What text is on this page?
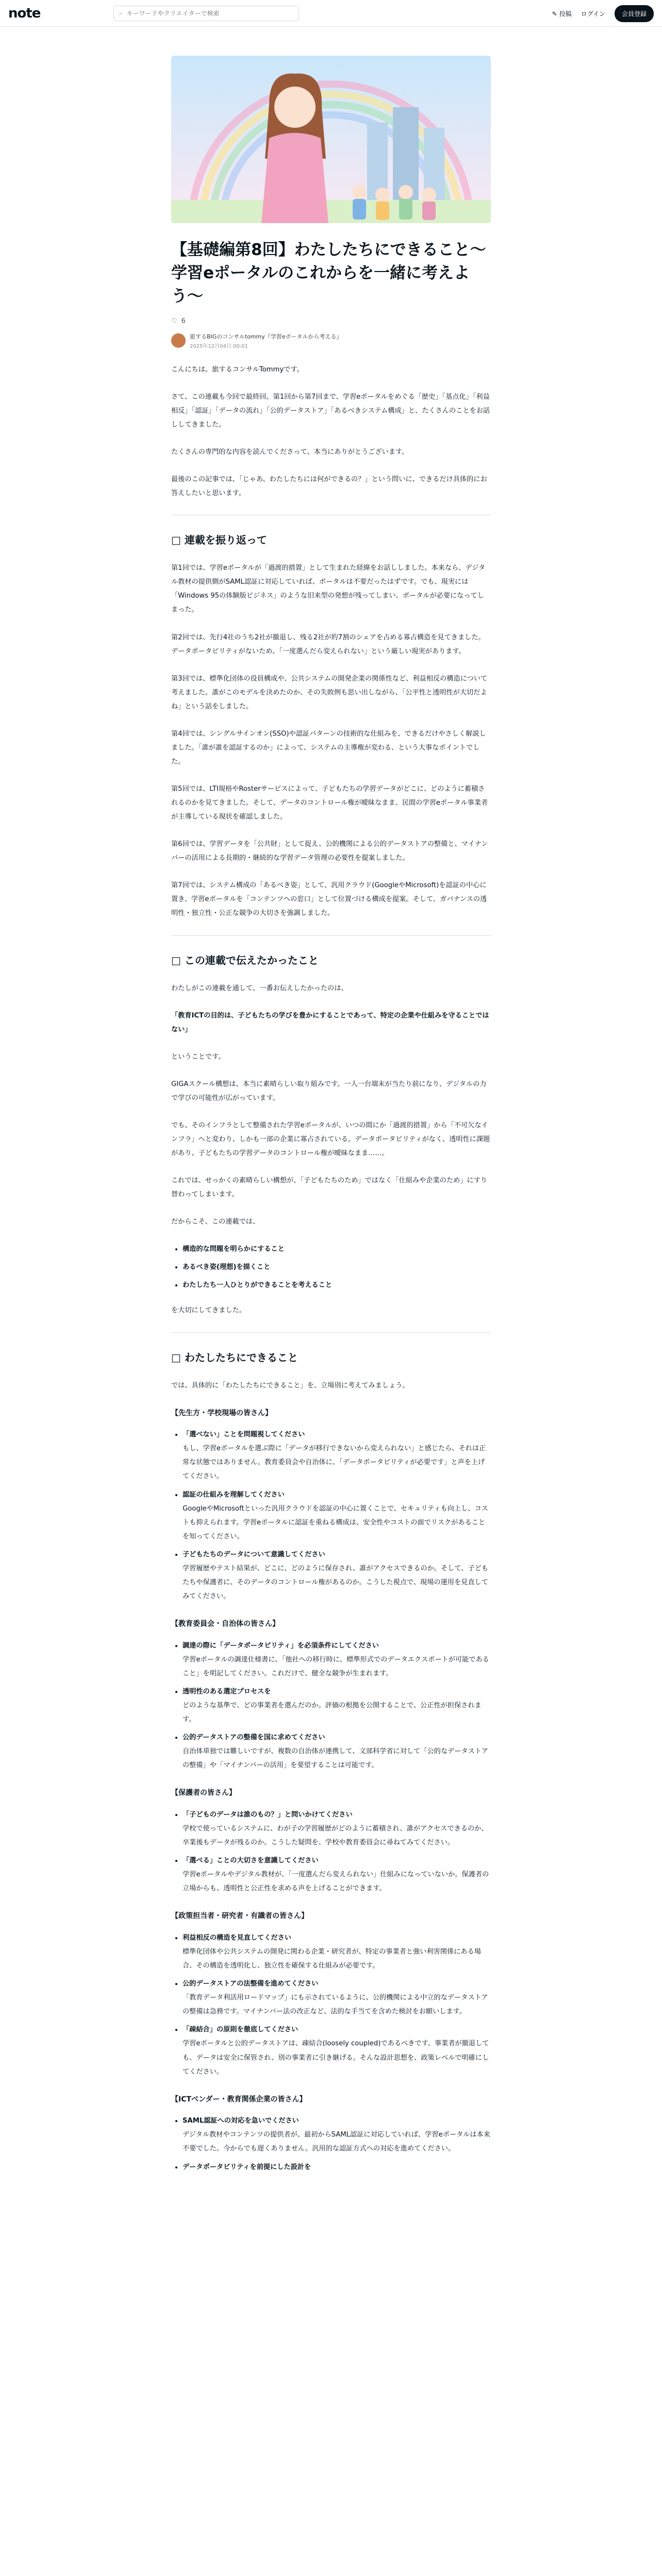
note	⌕
キーワードやクリエイターで検索	✎ 投稿 ログイン	会員登録
【基礎編第8回】わたしたちにできること〜学習eポータルのこれからを一緒に考えよう〜
♡ 6
旅するBIGのコンサルtommy『学習eポータルから考える』
2025年12月04日 00:01

こんにちは。旅するコンサルTommyです。

さて、この連載も今回で最終回。第1回から第7回まで、学習eポータルをめぐる「歴史」「基点化」「利益相反」「認証」「データの流れ」「公的データストア」「あるべきシステム構成」と、たくさんのことをお話ししてきました。

たくさんの専門的な内容を読んでくださって、本当にありがとうございます。

最後のこの記事では、「じゃあ、わたしたちには何ができるの？」という問いに、できるだけ具体的にお答えしたいと思います。

□ 連載を振り返って

第1回では、学習eポータルが「過渡的措置」として生まれた経緯をお話ししました。本来なら、デジタル教材の提供側がSAML認証に対応していれば、ポータルは不要だったはずです。でも、現実には「Windows 95の体験版ビジネス」のような旧来型の発想が残ってしまい、ポータルが必要になってしまった。

第2回では、先行4社のうち2社が撤退し、残る2社が約7割のシェアを占める寡占構造を見てきました。データポータビリティがないため、「一度選んだら変えられない」という厳しい現実があります。

第3回では、標準化団体の役員構成や、公共システムの開発企業の関係性など、利益相反の構造について考えました。誰がこのモデルを決めたのか、その失敗例も思い出しながら、「公平性と透明性が大切だよね」という話をしました。

第4回では、シングルサインオン(SSO)や認証パターンの技術的な仕組みを、できるだけやさしく解説しました。「誰が誰を認証するのか」によって、システムの主導権が変わる、という大事なポイントでした。

第5回では、LTI規格やRosterサービスによって、子どもたちの学習データがどこに、どのように蓄積されるのかを見てきました。そして、データのコントロール権が曖昧なまま、民間の学習eポータル事業者が主導している現状を確認しました。

第6回では、学習データを「公共財」として捉え、公的機関による公的データストアの整備と、マイナンバーの活用による長期的・継続的な学習データ管理の必要性を提案しました。

第7回では、システム構成の「あるべき姿」として、汎用クラウド(GoogleやMicrosoft)を認証の中心に置き、学習eポータルを「コンテンツへの窓口」として位置づける構成を提案。そして、ガバナンスの透明性・独立性・公正な競争の大切さを強調しました。

□ この連載で伝えたかったこと

わたしがこの連載を通して、一番お伝えしたかったのは、

「教育ICTの目的は、子どもたちの学びを豊かにすることであって、特定の企業や仕組みを守ることではない」

ということです。

GIGAスクール構想は、本当に素晴らしい取り組みです。一人一台端末が当たり前になり、デジタルの力で学びの可能性が広がっています。

でも、そのインフラとして整備された学習eポータルが、いつの間にか「過渡的措置」から「不可欠なインフラ」へと変わり、しかも一部の企業に寡占されている。データポータビリティがなく、透明性に課題があり、子どもたちの学習データのコントロール権が曖昧なまま……。

これでは、せっかくの素晴らしい構想が、「子どもたちのため」ではなく「仕組みや企業のため」にすり替わってしまいます。

だからこそ、この連載では、

• 構造的な問題を明らかにすること
• あるべき姿(理想)を描くこと
• わたしたち一人ひとりができることを考えること

を大切にしてきました。

□ わたしたちにできること

では、具体的に「わたしたちにできること」を、立場別に考えてみましょう。

【先生方・学校現場の皆さん】
• 「選べない」ことを問題視してください
もし、学習eポータルを選ぶ際に「データが移行できないから変えられない」と感じたら、それは正常な状態ではありません。教育委員会や自治体に、「データポータビリティが必要です」と声を上げてください。
• 認証の仕組みを理解してください
GoogleやMicrosoftといった汎用クラウドを認証の中心に置くことで、セキュリティも向上し、コストも抑えられます。学習eポータルに認証を重ねる構成は、安全性やコストの面でリスクがあることを知ってください。
• 子どもたちのデータについて意識してください
学習履歴やテスト結果が、どこに、どのように保存され、誰がアクセスできるのか。そして、子どもたちや保護者に、そのデータのコントロール権があるのか。こうした視点で、現場の運用を見直してみてください。
【教育委員会・自治体の皆さん】
• 調達の際に「データポータビリティ」を必須条件にしてください
学習eポータルの調達仕様書に、「他社への移行時に、標準形式でのデータエクスポートが可能であること」を明記してください。これだけで、健全な競争が生まれます。
• 透明性のある選定プロセスを
どのような基準で、どの事業者を選んだのか。評価の根拠を公開することで、公正性が担保されます。
• 公的データストアの整備を国に求めてください
自治体単独では難しいですが、複数の自治体が連携して、文部科学省に対して「公的なデータストアの整備」や「マイナンバーの活用」を要望することは可能です。
【保護者の皆さん】
• 「子どものデータは誰のもの？」と問いかけてください
学校で使っているシステムに、わが子の学習履歴がどのように蓄積され、誰がアクセスできるのか、卒業後もデータが残るのか。こうした疑問を、学校や教育委員会に尋ねてみてください。
• 「選べる」ことの大切さを意識してください
学習eポータルやデジタル教材が、「一度選んだら変えられない」仕組みになっていないか。保護者の立場からも、透明性と公正性を求める声を上げることができます。
【政策担当者・研究者・有識者の皆さん】
• 利益相反の構造を見直してください
標準化団体や公共システムの開発に関わる企業・研究者が、特定の事業者と強い利害関係にある場合、その構造を透明化し、独立性を確保する仕組みが必要です。
• 公的データストアの法整備を進めてください
「教育データ利活用ロードマップ」にも示されているように、公的機関による中立的なデータストアの整備は急務です。マイナンバー法の改正など、法的な手当てを含めた検討をお願いします。
• 「疎結合」の原則を徹底してください
学習eポータルと公的データストアは、疎結合(loosely coupled)であるべきです。事業者が撤退しても、データは安全に保管され、別の事業者に引き継げる。そんな設計思想を、政策レベルで明確にしてください。
【ICTベンダー・教育関係企業の皆さん】
• SAML認証への対応を急いでください
デジタル教材やコンテンツの提供者が、最初からSAML認証に対応していれば、学習eポータルは本来不要でした。今からでも遅くありません。汎用的な認証方式への対応を進めてください。
• データポータビリティを前提にした設計を
